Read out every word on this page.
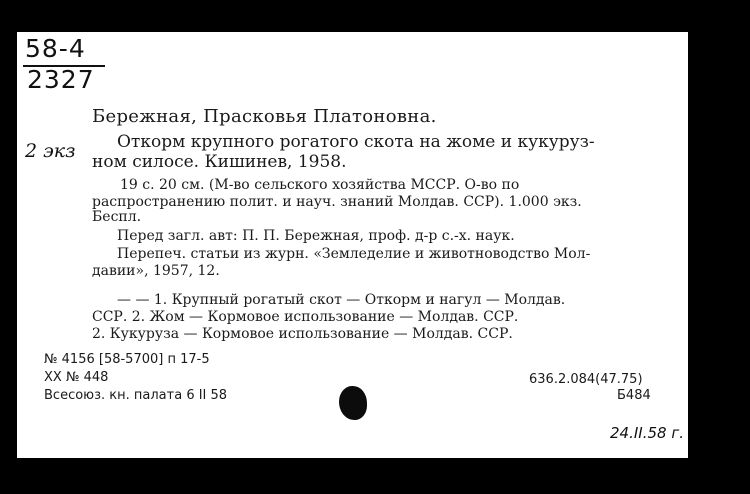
58-4
2327
2 экз
Бережная, Прасковья Платоновна.
Откорм крупного рогатого скота на жоме и кукуруз-
ном силосе. Кишинев, 1958.
19 с. 20 см. (М-во сельского хозяйства МССР. О-во по
распространению полит. и науч. знаний Молдав. ССР). 1.000 экз.
Беспл.
Перед загл. авт: П. П. Бережная, проф. д-р с.-х. наук.
Перепеч. статьи из журн. «Земледелие и животноводство Мол-
давии», 1957, 12.
— — 1. Крупный рогатый скот — Откорм и нагул — Молдав.
ССР. 2. Жом — Кормовое использование — Молдав. ССР.
2. Кукуруза — Кормовое использование — Молдав. ССР.
№ 4156 [58-5700] п 17-5
XX № 448
Всесоюз. кн. палата 6 II 58
636.2.084(47.75)
Б484
24.II.58 г.
